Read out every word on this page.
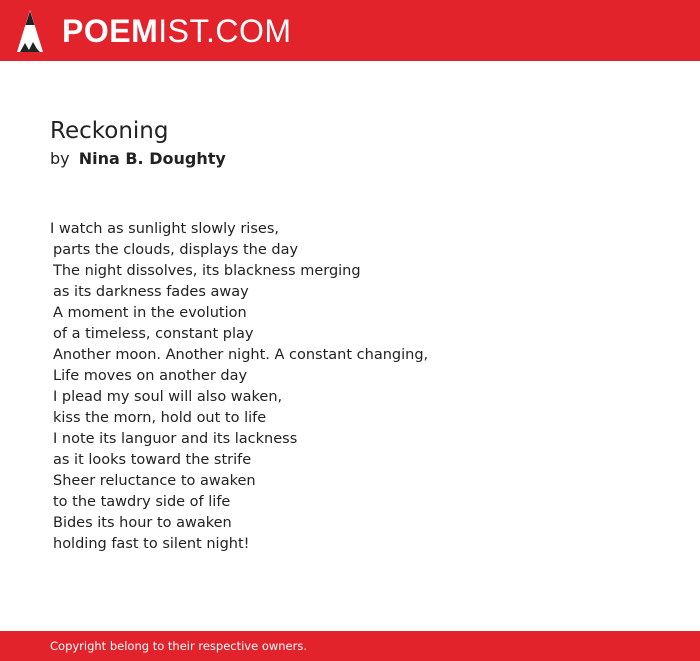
POEMIST.COM
Reckoning
by Nina B. Doughty
I watch as sunlight slowly rises,
parts the clouds, displays the day
The night dissolves, its blackness merging
as its darkness fades away
A moment in the evolution
of a timeless, constant play
Another moon. Another night. A constant changing,
Life moves on another day
I plead my soul will also waken,
kiss the morn, hold out to life
I note its languor and its lackness
as it looks toward the strife
Sheer reluctance to awaken
to the tawdry side of life
Bides its hour to awaken
holding fast to silent night!
Copyright belong to their respective owners.
